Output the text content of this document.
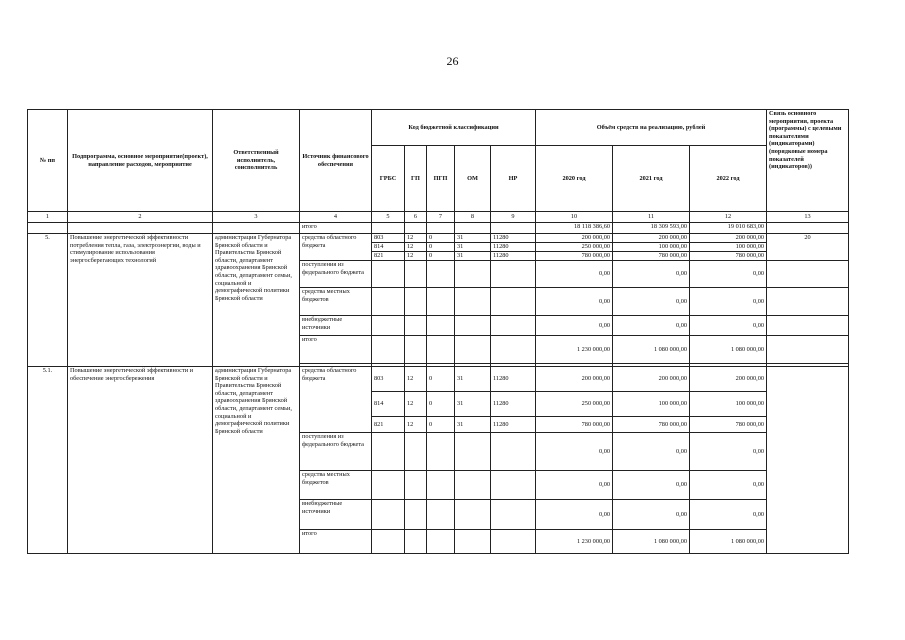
26
№ пп	Подпрограмма, основное мероприятие(проект), направление расходов, мероприятие	Ответственный исполнитель, соисполнитель	Источник финансового обеспечения	Код бюджетной классификации					Объём средств на реализацию, рублей			Связь основного мероприятия, проекта (программы) с целевыми показателями (индикаторами) (порядковые номера показателей (индикаторов))
				ГРБС	ГП	ПГП	ОМ	НР	2020 год	2021 год	2022 год	
1	2	3	4	5	6	7	8	9	10	11	12	13
			итого						18 118 386,60	18 309 593,00	19 010 683,00	
5.	Повышение энергетической эффективности потребления тепла, газа, электроэнергии, воды и стимулирование использования энергосберегающих технологий	администрация Губернатора Брянской области и Правительства Брянской области, департамент здравоохранения Брянской области, департамент семьи, социальной и демографической политики Брянской области	средства областного бюджета	803	12	0	31	11280	200 000,00	200 000,00	200 000,00	20
				814	12	0	31	11280	250 000,00	100 000,00	100 000,00	
				821	12	0	31	11280	780 000,00	780 000,00	780 000,00	
			поступления из федерального бюджета						0,00	0,00	0,00	
			средства местных бюджетов						0,00	0,00	0,00	
			внебюджетные источники						0,00	0,00	0,00	
			итого						1 230 000,00	1 080 000,00	1 080 000,00	

5.1.	Повышение энергетической эффективности и обеспечение энергосбережения	администрация Губернатора Брянской области и Правительства Брянской области, департамент здравоохранения Брянской области, департамент семьи, социальной и демографической политики Брянской области	средства областного бюджета	803	12	0	31	11280	200 000,00	200 000,00	200 000,00	
				814	12	0	31	11280	250 000,00	100 000,00	100 000,00	
				821	12	0	31	11280	780 000,00	780 000,00	780 000,00	
			поступления из федерального бюджета						0,00	0,00	0,00	
			средства местных бюджетов						0,00	0,00	0,00	
			внебюджетные источники						0,00	0,00	0,00	
			итого						1 230 000,00	1 080 000,00	1 080 000,00	
